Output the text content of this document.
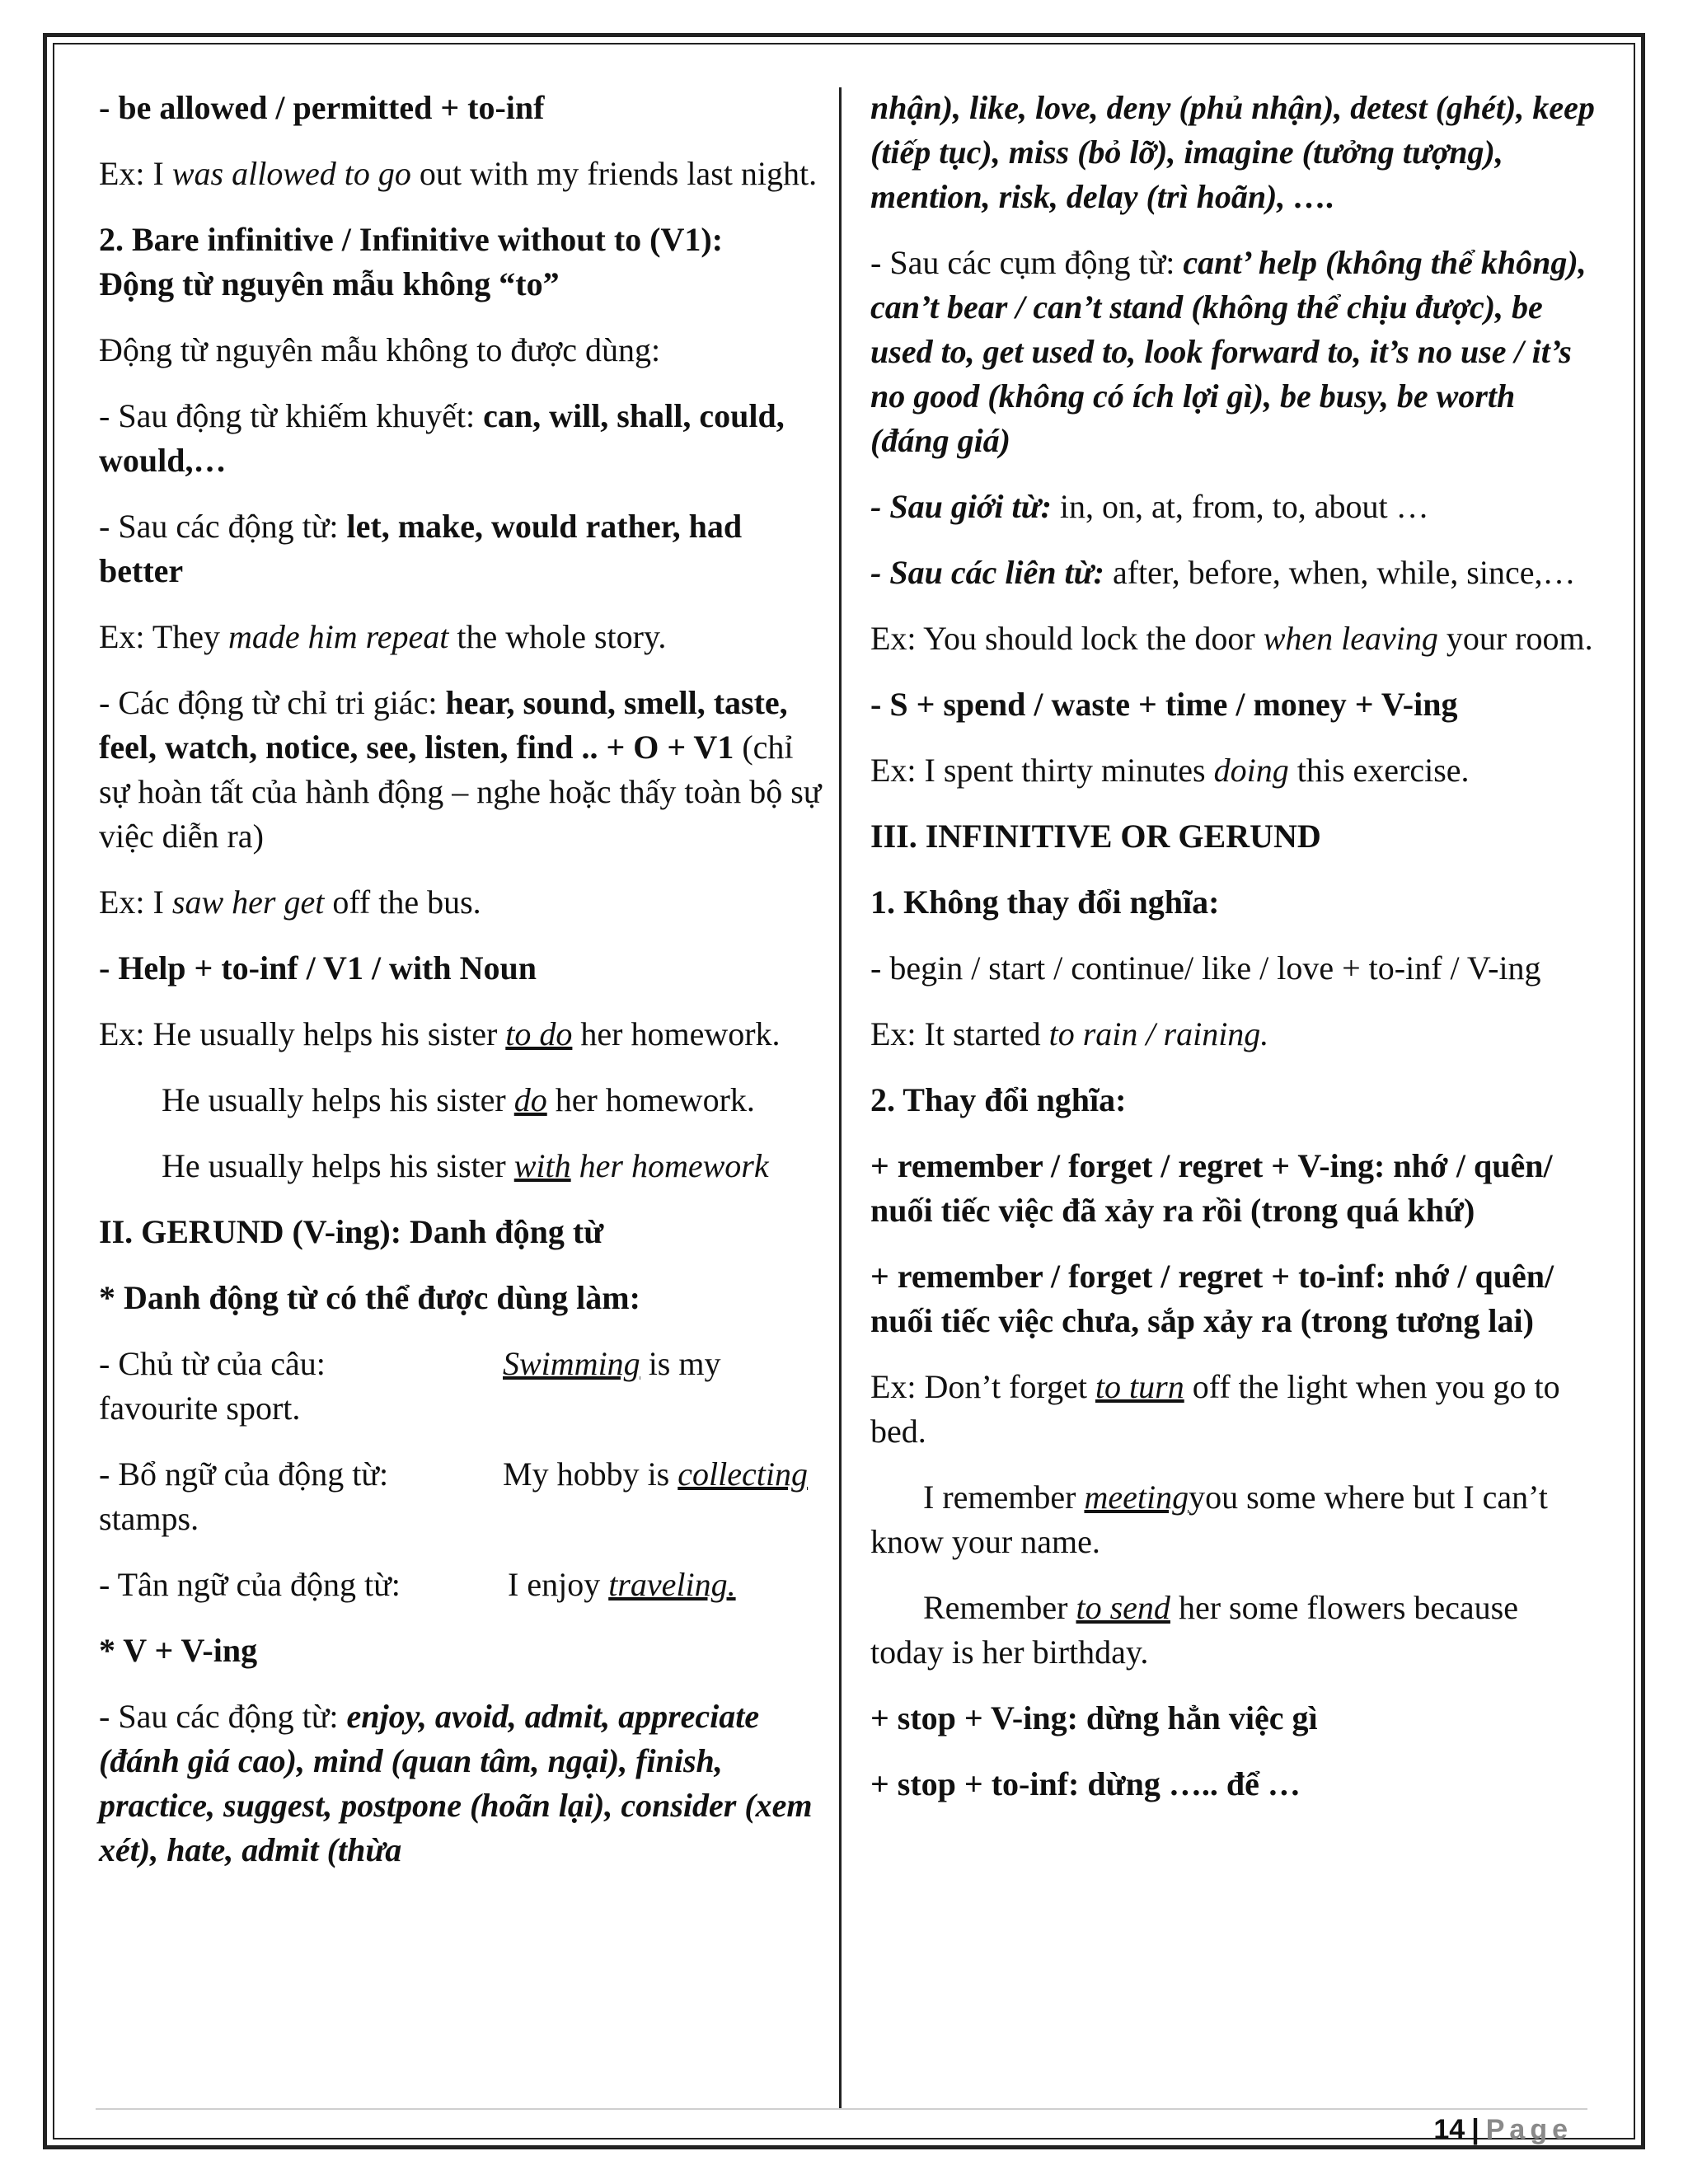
- be allowed / permitted + to-inf

Ex: I was allowed to go out with my friends last night.

2. Bare infinitive / Infinitive without to (V1):
Động từ nguyên mẫu không “to”

Động từ nguyên mẫu không to được dùng:

- Sau động từ khiếm khuyết: can, will, shall, could, would,…

- Sau các động từ: let, make, would rather, had better

Ex: They made him repeat the whole story.

- Các động từ chỉ tri giác: hear, sound, smell, taste, feel, watch, notice, see, listen, find .. + O + V1 (chỉ sự hoàn tất của hành động – nghe hoặc thấy toàn bộ sự việc diễn ra)

Ex: I saw her get off the bus.

- Help + to-inf / V1 / with Noun

Ex: He usually helps his sister to do her homework.

He usually helps his sister do her homework.

He usually helps his sister with her homework

II. GERUND (V-ing): Danh động từ

* Danh động từ có thể được dùng làm:

- Chủ từ của câu:	Swimming is my favourite sport.

- Bổ ngữ của động từ:	My hobby is collecting stamps.

- Tân ngữ của động từ:	I enjoy traveling.

* V + V-ing

- Sau các động từ: enjoy, avoid, admit, appreciate (đánh giá cao), mind (quan tâm, ngại), finish, practice, suggest, postpone (hoãn lại), consider (xem xét), hate, admit (thừa

nhận), like, love, deny (phủ nhận), detest (ghét), keep (tiếp tục), miss (bỏ lỡ), imagine (tưởng tượng), mention, risk, delay (trì hoãn), ….

- Sau các cụm động từ: cant’ help (không thể không), can’t bear / can’t stand (không thể chịu được), be used to, get used to, look forward to, it’s no use / it’s no good (không có ích lợi gì), be busy, be worth (đáng giá)

- Sau giới từ: in, on, at, from, to, about …

- Sau các liên từ: after, before, when, while, since,…

Ex: You should lock the door when leaving your room.

- S + spend / waste + time / money + V-ing

Ex: I spent thirty minutes doing this exercise.

III. INFINITIVE OR GERUND

1. Không thay đổi nghĩa:

- begin / start / continue/ like / love + to-inf / V-ing

Ex: It started to rain / raining.

2. Thay đổi nghĩa:

+ remember / forget / regret + V-ing: nhớ / quên/ nuối tiếc việc đã xảy ra rồi (trong quá khứ)

+ remember / forget / regret + to-inf: nhớ / quên/ nuối tiếc việc chưa, sắp xảy ra (trong tương lai)

Ex: Don’t forget to turn off the light when you go to bed.

I remember meetingyou some where but I can’t know your name.

Remember to send her some flowers because today is her birthday.

+ stop + V-ing: dừng hẳn việc gì

+ stop + to-inf: dừng ….. để …

14 | Page
